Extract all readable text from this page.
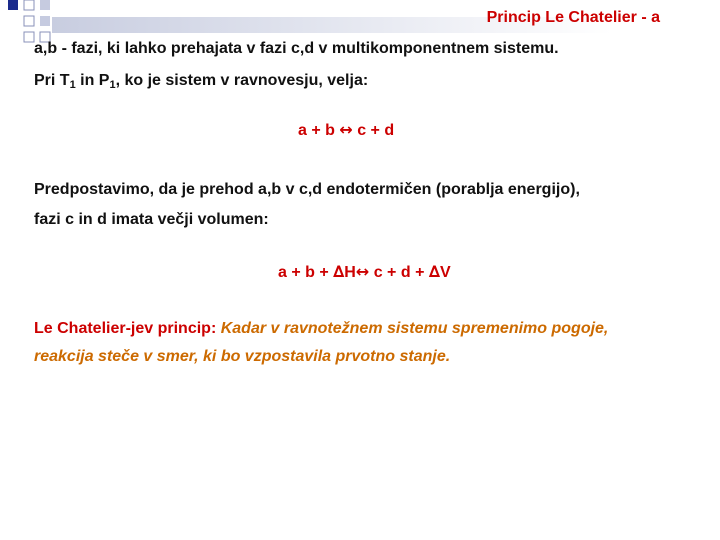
Princip Le Chatelier - a
a,b - fazi, ki lahko prehajata v fazi c,d v multikomponentnem sistemu.
Pri $T_1$ in $P_1$, ko je sistem v ravnovesju, velja:
a + b ↔ c + d
Predpostavimo, da je prehod a,b v c,d endotermičen (porablja energijo),
fazi c in d imata večji volumen:
a + b + ∆H↔ c + d + ∆V
Le Chatelier-jev princip: Kadar v ravnotežnem sistemu spremenimo pogoje,
reakcija steče v smer, ki bo vzpostavila prvotno stanje.
